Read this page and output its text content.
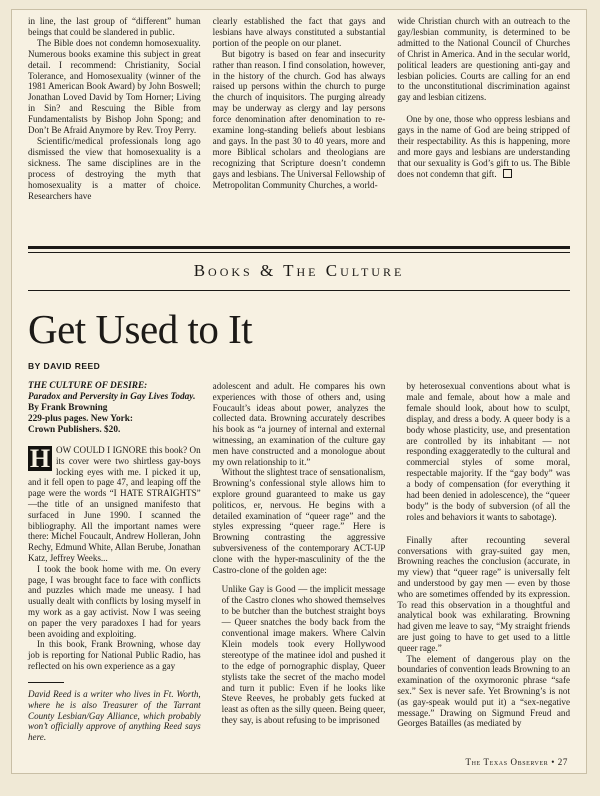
in line, the last group of “different” human beings that could be slandered in public.

The Bible does not condemn homosexuality. Numerous books examine this subject in great detail. I recommend: Christianity, Social Tolerance, and Homosexuality (winner of the 1981 American Book Award) by John Boswell; Jonathan Loved David by Tom Horner; Living in Sin? and Rescuing the Bible from Fundamentalists by Bishop John Spong; and Don’t Be Afraid Anymore by Rev. Troy Perry.

Scientific/medical professionals long ago dismissed the view that homosexuality is a sickness. The same disciplines are in the process of destroying the myth that homosexuality is a matter of choice. Researchers have

clearly established the fact that gays and lesbians have always constituted a substantial portion of the people on our planet.

But bigotry is based on fear and insecurity rather than reason. I find consolation, however, in the history of the church. God has always raised up persons within the church to purge the church of inquisitors. The purging already may be underway as clergy and lay persons force denomination after denomination to re-examine long-standing beliefs about lesbians and gays. In the past 30 to 40 years, more and more Biblical scholars and theologians are recognizing that Scripture doesn’t condemn gays and lesbians. The Universal Fellowship of Metropolitan Community Churches, a world-

wide Christian church with an outreach to the gay/lesbian community, is determined to be admitted to the National Council of Churches of Christ in America. And in the secular world, political leaders are questioning anti-gay and lesbian policies. Courts are calling for an end to the unconstitutional discrimination against gay and lesbian citizens.

One by one, those who oppress lesbians and gays in the name of God are being stripped of their respectability. As this is happening, more and more gays and lesbians are understanding that our sexuality is God’s gift to us. The Bible does not condemn that gift.

Books & The Culture
Get Used to It
BY DAVID REED
THE CULTURE OF DESIRE:
Paradox and Perversity in Gay Lives Today.
By Frank Browning
229-plus pages. New York:
Crown Publishers. $20.

H OW COULD I IGNORE this book? On its cover were two shirtless gay-boys locking eyes with me. I picked it up, and it fell open to page 47, and leaping off the page were the words “I HATE STRAIGHTS” —the title of an unsigned manifesto that surfaced in June 1990. I scanned the bibliography. All the important names were there: Michel Foucault, Andrew Holleran, John Rechy, Edmund White, Allan Berube, Jonathan Katz, Jeffrey Weeks...

I took the book home with me. On every page, I was brought face to face with conflicts and puzzles which made me uneasy. I had usually dealt with conflicts by losing myself in my work as a gay activist. Now I was seeing on paper the very paradoxes I had for years been avoiding and exploiting.

In this book, Frank Browning, whose day job is reporting for National Public Radio, has reflected on his own experience as a gay

David Reed is a writer who lives in Ft. Worth, where he is also Treasurer of the Tarrant County Lesbian/Gay Alliance, which probably won’t officially approve of anything Reed says here.

adolescent and adult. He compares his own experiences with those of others and, using Foucault’s ideas about power, analyzes the collected data. Browning accurately describes his book as “a journey of internal and external witnessing, an examination of the culture gay men have constructed and a monologue about my own relationship to it.”

Without the slightest trace of sensationalism, Browning’s confessional style allows him to explore ground guaranteed to make us gay politicos, er, nervous. He begins with a detailed examination of “queer rage” and the styles expressing “queer rage.” Here is Browning contrasting the aggressive subversiveness of the contemporary ACT-UP clone with the hyper-masculinity of the the Castro-clone of the golden age:

Unlike Gay is Good — the implicit message of the Castro clones who showed themselves to be butcher than the butchest straight boys — Queer snatches the body back from the conventional image makers. Where Calvin Klein models took every Hollywood stereotype of the matinee idol and pushed it to the edge of pornographic display, Queer stylists take the secret of the macho model and turn it public: Even if he looks like Steve Reeves, he probably gets fucked at least as often as the silly queen. Being queer, they say, is about refusing to be imprisoned

by heterosexual conventions about what is male and female, about how a male and female should look, about how to sculpt, display, and dress a body. A queer body is a body whose plasticity, use, and presentation are controlled by its inhabitant — not responding exaggeratedly to the cultural and commercial styles of some moral, respectable majority. If the “gay body” was a body of compensation (for everything it had been denied in adolescence), the “queer body” is the body of subversion (of all the roles and behaviors it wants to sabotage).

Finally after recounting several conversations with gray-suited gay men, Browning reaches the conclusion (accurate, in my view) that “queer rage” is universally felt and understood by gay men — even by those who are sometimes offended by its expression. To read this observation in a thoughtful and analytical book was exhilarating. Browning had given me leave to say, “My straight friends are just going to have to get used to a little queer rage.”

The element of dangerous play on the boundaries of convention leads Browning to an examination of the oxymoronic phrase “safe sex.” Sex is never safe. Yet Browning’s is not (as gay-speak would put it) a “sex-negative message.” Drawing on Sigmund Freud and Georges Batailles (as mediated by

The Texas Observer • 27
